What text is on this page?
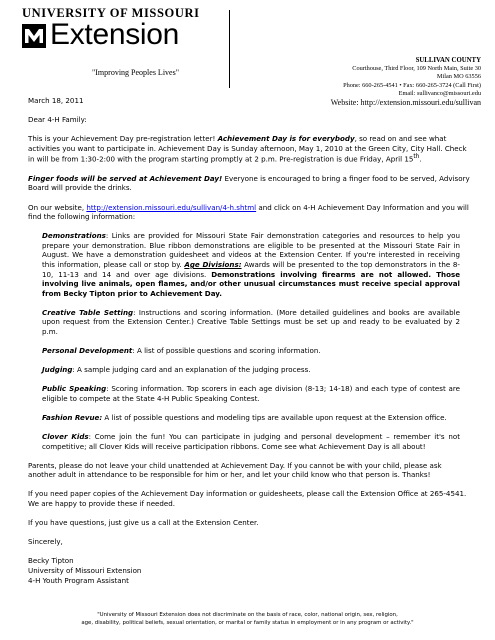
UNIVERSITY OF MISSOURI
Extension
"Improving Peoples Lives"
SULLIVAN COUNTY
Courthouse, Third Floor, 109 North Main, Suite 30
Milan MO 63556
Phone: 660-265-4541 • Fax: 660-265-3724 (Call First)
Email: sullivanco@missouri.edu
Website: http://extension.missouri.edu/sullivan

March 18, 2011

Dear 4-H Family:

This is your Achievement Day pre-registration letter! Achievement Day is for everybody, so read on and see what activities you want to participate in. Achievement Day is Sunday afternoon, May 1, 2010 at the Green City, City Hall. Check in will be from 1:30-2:00 with the program starting promptly at 2 p.m. Pre-registration is due Friday, April 15th.

Finger foods will be served at Achievement Day! Everyone is encouraged to bring a finger food to be served, Advisory Board will provide the drinks.

On our website, http://extension.missouri.edu/sullivan/4-h.shtml and click on 4-H Achievement Day Information and you will find the following information:

Demonstrations: Links are provided for Missouri State Fair demonstration categories and resources to help you prepare your demonstration. Blue ribbon demonstrations are eligible to be presented at the Missouri State Fair in August. We have a demonstration guidesheet and videos at the Extension Center. If you're interested in receiving this information, please call or stop by. Age Divisions: Awards will be presented to the top demonstrators in the 8-10, 11-13 and 14 and over age divisions. Demonstrations involving firearms are not allowed. Those involving live animals, open flames, and/or other unusual circumstances must receive special approval from Becky Tipton prior to Achievement Day.

Creative Table Setting: Instructions and scoring information. (More detailed guidelines and books are available upon request from the Extension Center.) Creative Table Settings must be set up and ready to be evaluated by 2 p.m.

Personal Development: A list of possible questions and scoring information.

Judging: A sample judging card and an explanation of the judging process.

Public Speaking: Scoring information. Top scorers in each age division (8-13; 14-18) and each type of contest are eligible to compete at the State 4-H Public Speaking Contest.

Fashion Revue: A list of possible questions and modeling tips are available upon request at the Extension office.

Clover Kids: Come join the fun! You can participate in judging and personal development – remember it's not competitive; all Clover Kids will receive participation ribbons. Come see what Achievement Day is all about!

Parents, please do not leave your child unattended at Achievement Day. If you cannot be with your child, please ask another adult in attendance to be responsible for him or her, and let your child know who that person is. Thanks!

If you need paper copies of the Achievement Day information or guidesheets, please call the Extension Office at 265-4541. We are happy to provide these if needed.

If you have questions, just give us a call at the Extension Center.

Sincerely,

Becky Tipton

University of Missouri Extension

4-H Youth Program Assistant

"University of Missouri Extension does not discriminate on the basis of race, color, national origin, sex, religion,
age, disability, political beliefs, sexual orientation, or marital or family status in employment or in any program or activity."
